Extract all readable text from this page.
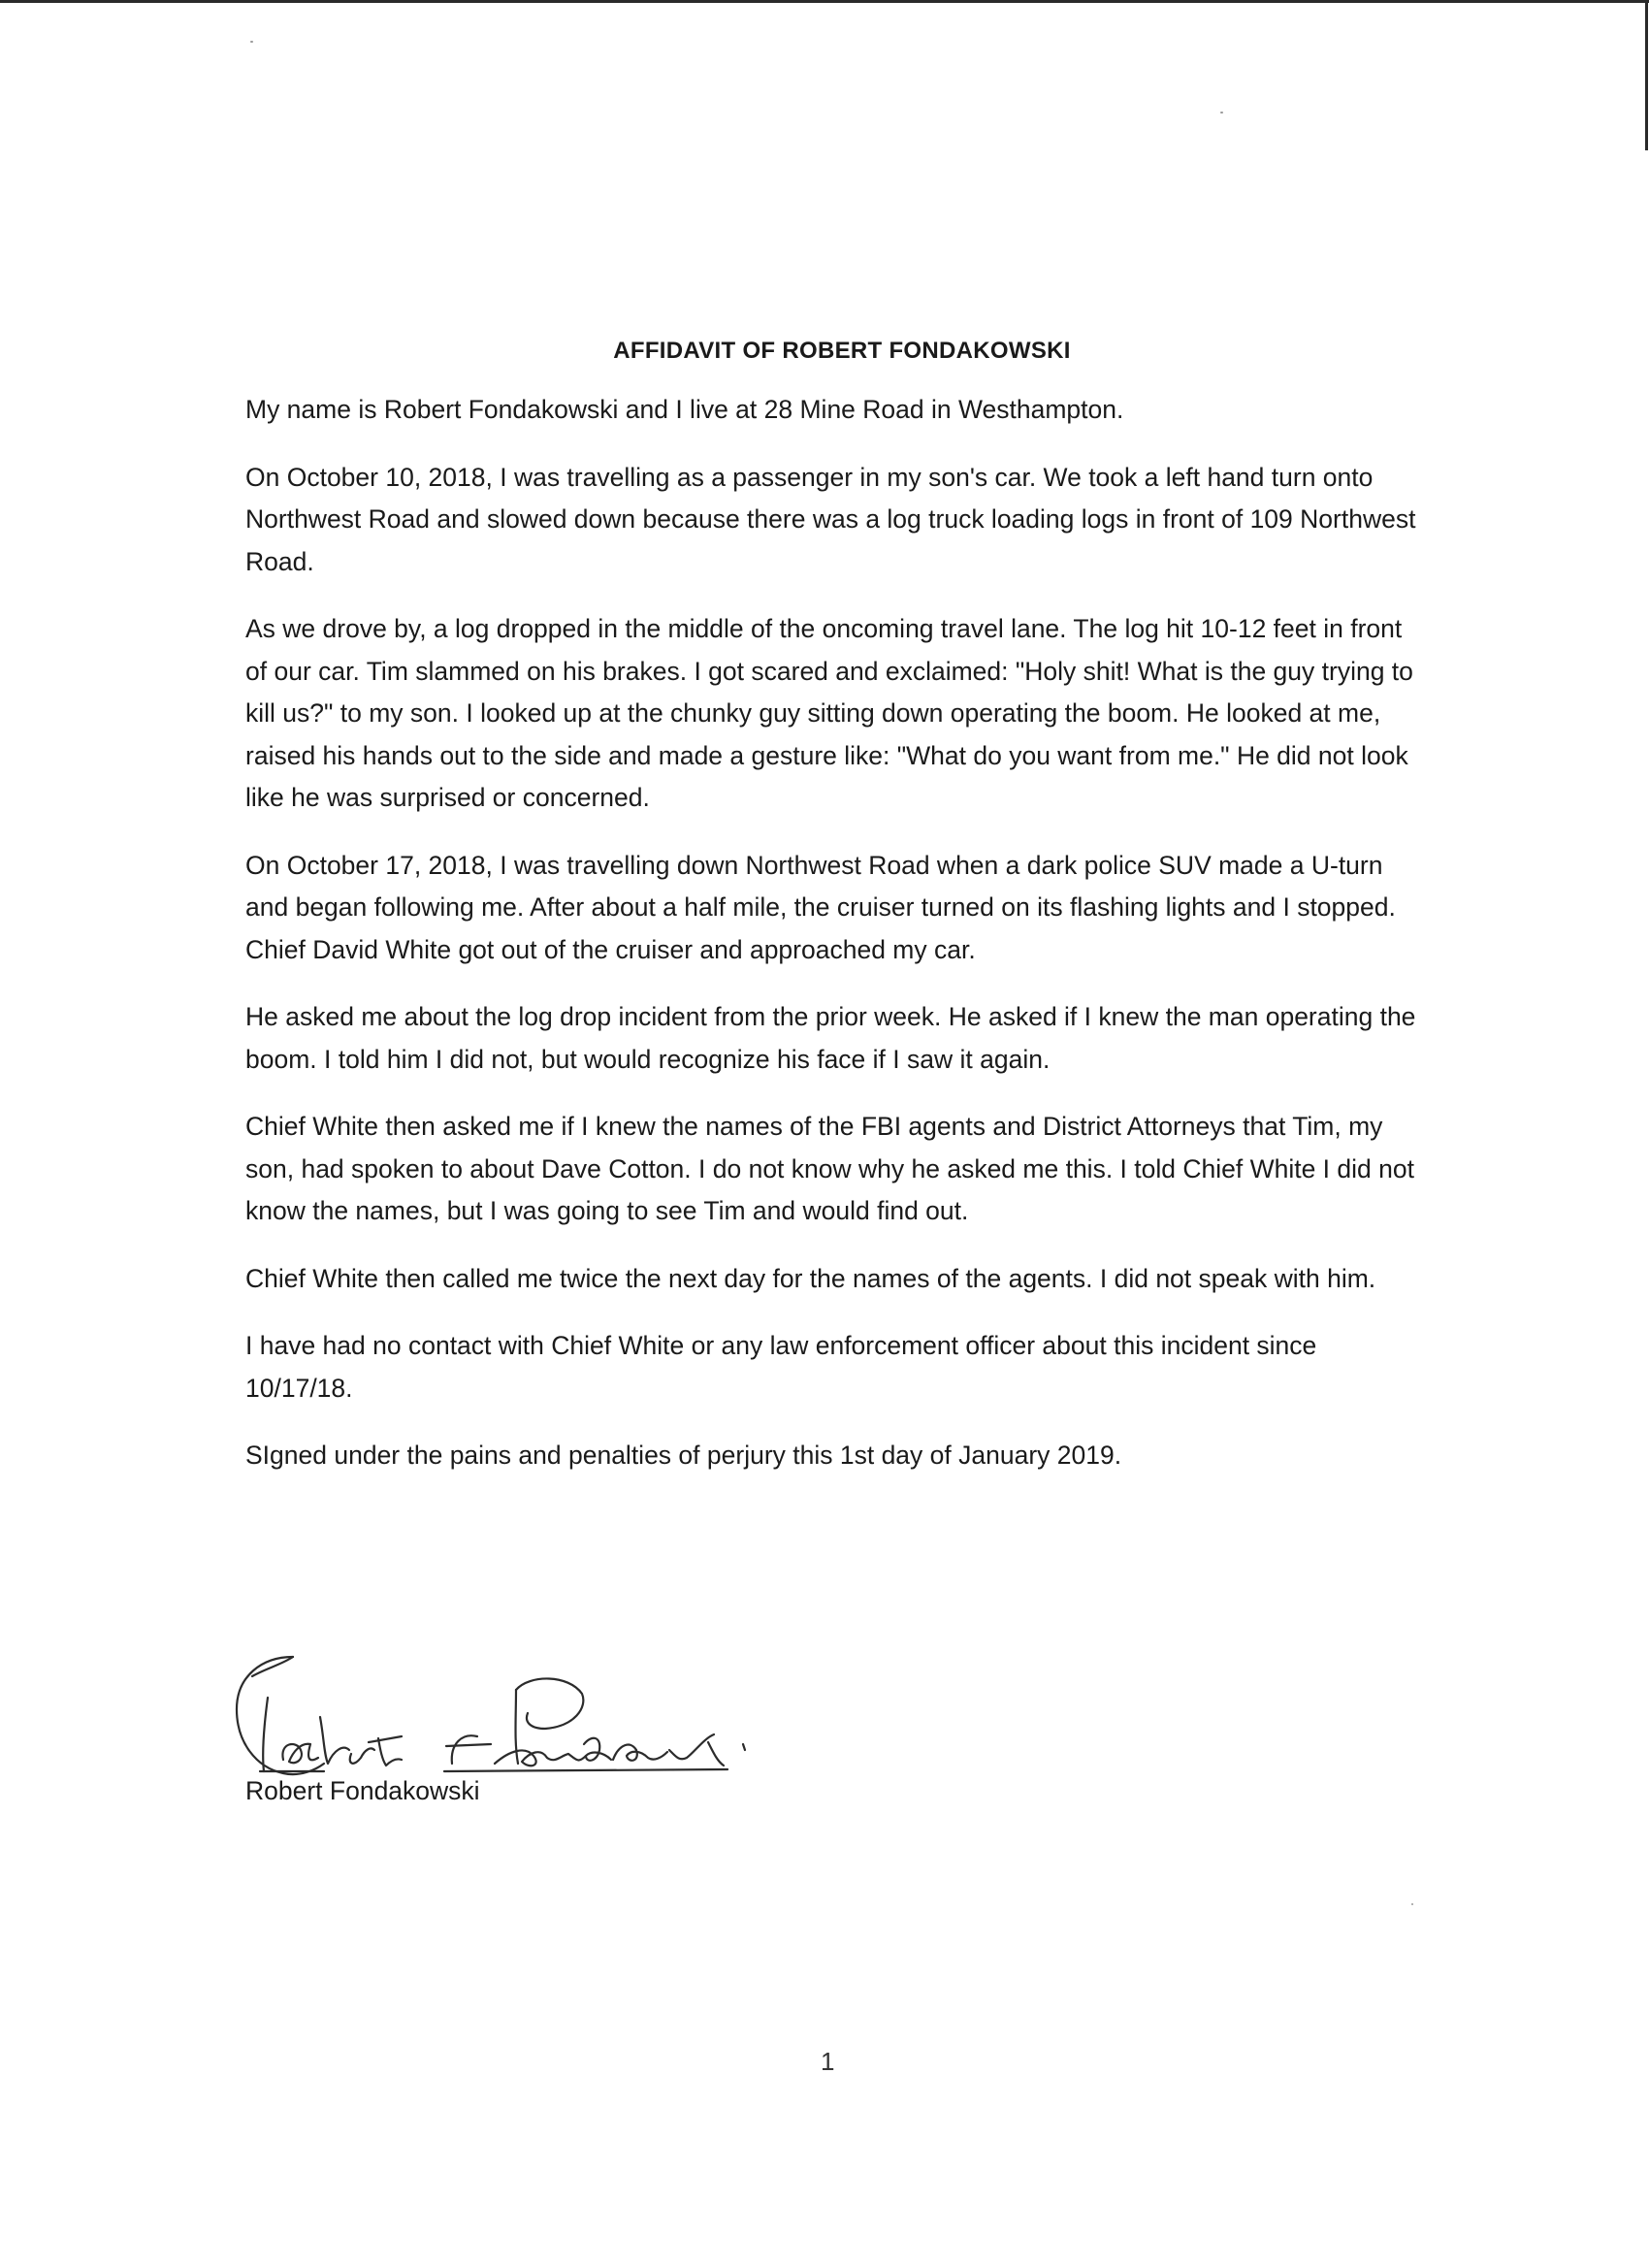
AFFIDAVIT OF ROBERT FONDAKOWSKI

My name is Robert Fondakowski and I live at 28 Mine Road in Westhampton.

On October 10, 2018, I was travelling as a passenger in my son's car. We took a left hand turn onto Northwest Road and slowed down because there was a log truck loading logs in front of 109 Northwest Road.

As we drove by, a log dropped in the middle of the oncoming travel lane. The log hit 10-12 feet in front of our car. Tim slammed on his brakes. I got scared and exclaimed: "Holy shit! What is the guy trying to kill us?" to my son. I looked up at the chunky guy sitting down operating the boom. He looked at me, raised his hands out to the side and made a gesture like: "What do you want from me." He did not look like he was surprised or concerned.

On October 17, 2018, I was travelling down Northwest Road when a dark police SUV made a U-turn and began following me. After about a half mile, the cruiser turned on its flashing lights and I stopped. Chief David White got out of the cruiser and approached my car.

He asked me about the log drop incident from the prior week. He asked if I knew the man operating the boom. I told him I did not, but would recognize his face if I saw it again.

Chief White then asked me if I knew the names of the FBI agents and District Attorneys that Tim, my son, had spoken to about Dave Cotton. I do not know why he asked me this. I told Chief White I did not know the names, but I was going to see Tim and would find out.

Chief White then called me twice the next day for the names of the agents. I did not speak with him.

I have had no contact with Chief White or any law enforcement officer about this incident since 10/17/18.

SIgned under the pains and penalties of perjury this 1st day of January 2019.

Robert Fondakowski
Robert Fondakowski
1
